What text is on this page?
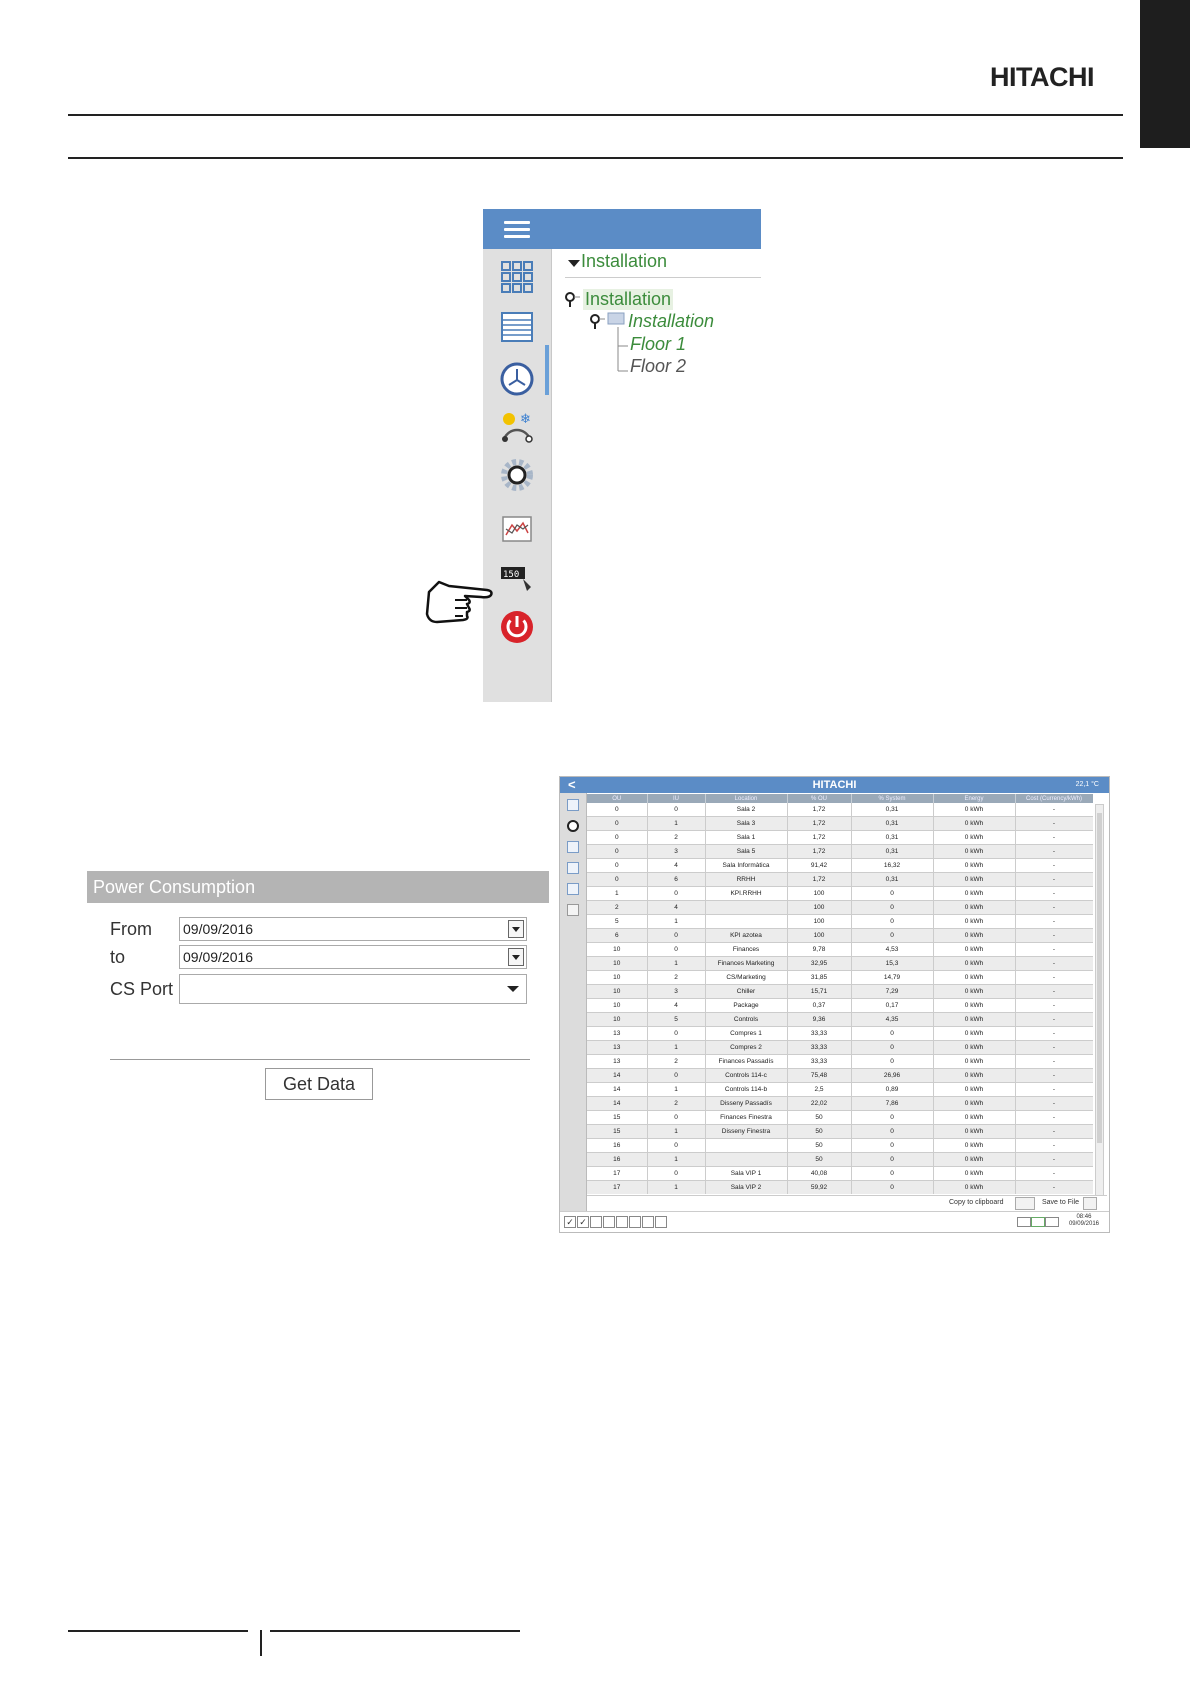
HITACHI
❄
150
Installation
Installation
Installation
Floor 1
Floor 2
Power Consumption
From 09/09/2016
to	09/09/2016
CS Port
Get Data
HITACHI
<	22,1 °C
OU	IU	Location	% OU	% System	Energy	Cost (Currency/kWh)
0	0	Sala 2	1,72	0,31	0 kWh	-
0	1	Sala 3	1,72	0,31	0 kWh	-
0	2	Sala 1	1,72	0,31	0 kWh	-
0	3	Sala 5	1,72	0,31	0 kWh	-
0	4	Sala Informàtica	91,42	16,32	0 kWh	-
0	6	RRHH	1,72	0,31	0 kWh	-
1	0	KPI.RRHH	100	0	0 kWh	-
2	4		100	0	0 kWh	-
5	1		100	0	0 kWh	-
6	0	KPI azotea	100	0	0 kWh	-
10	0	Finances	9,78	4,53	0 kWh	-
10	1	Finances Marketing	32,95	15,3	0 kWh	-
10	2	CS/Marketing	31,85	14,79	0 kWh	-
10	3	Chiller	15,71	7,29	0 kWh	-
10	4	Package	0,37	0,17	0 kWh	-
10	5	Controls	9,36	4,35	0 kWh	-
13	0	Compres 1	33,33	0	0 kWh	-
13	1	Compres 2	33,33	0	0 kWh	-
13	2	Finances Passadís	33,33	0	0 kWh	-
14	0	Controls 114-c	75,48	26,96	0 kWh	-
14	1	Controls 114-b	2,5	0,89	0 kWh	-
14	2	Disseny Passadís	22,02	7,86	0 kWh	-
15	0	Finances Finestra	50	0	0 kWh	-
15	1	Disseny Finestra	50	0	0 kWh	-
16	0		50	0	0 kWh	-
16	1		50	0	0 kWh	-
17	0	Sala VIP 1	40,08	0	0 kWh	-
17	1	Sala VIP 2	59,92	0	0 kWh	-

Copy to clipboard	Save to File
✓ ✓	08:46
09/09/2016
